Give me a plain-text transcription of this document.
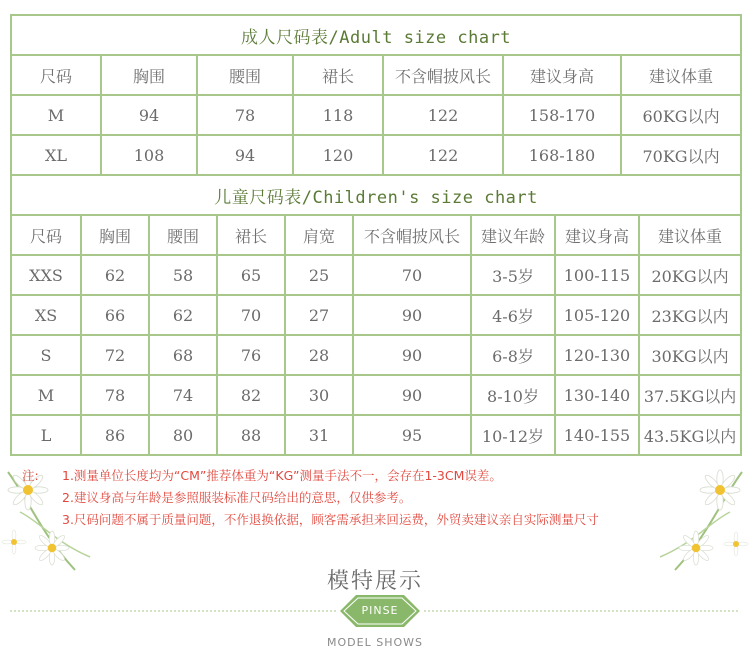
成人尺码表/Adult size chart						
尺码	胸围	腰围	裙长	不含帽披风长	建议身高	建议体重
M	94	78	118	122	158-170	60KG以内
XL	108	94	120	122	168-180	70KG以内
儿童尺码表/Children's size chart								
尺码	胸围	腰围	裙长	肩宽	不含帽披风长	建议年龄	建议身高	建议体重
XXS	62	58	65	25	70	3-5岁	100-115	20KG以内
XS	66	62	70	27	90	4-6岁	105-120	23KG以内
S	72	68	76	28	90	6-8岁	120-130	30KG以内
M	78	74	82	30	90	8-10岁	130-140	37.5KG以内
L	86	80	88	31	95	10-12岁	140-155	43.5KG以内
注: 1.测量单位长度均为“CM”推荐体重为“KG”测量手法不一，会存在1-3CM误差。
2.建议身高与年龄是参照服装标准尺码给出的意思，仅供参考。
3.尺码问题不属于质量问题，不作退换依据，顾客需承担来回运费，外贸卖建议亲自实际测量尺寸
模特展示
PINSE
MODEL SHOWS
